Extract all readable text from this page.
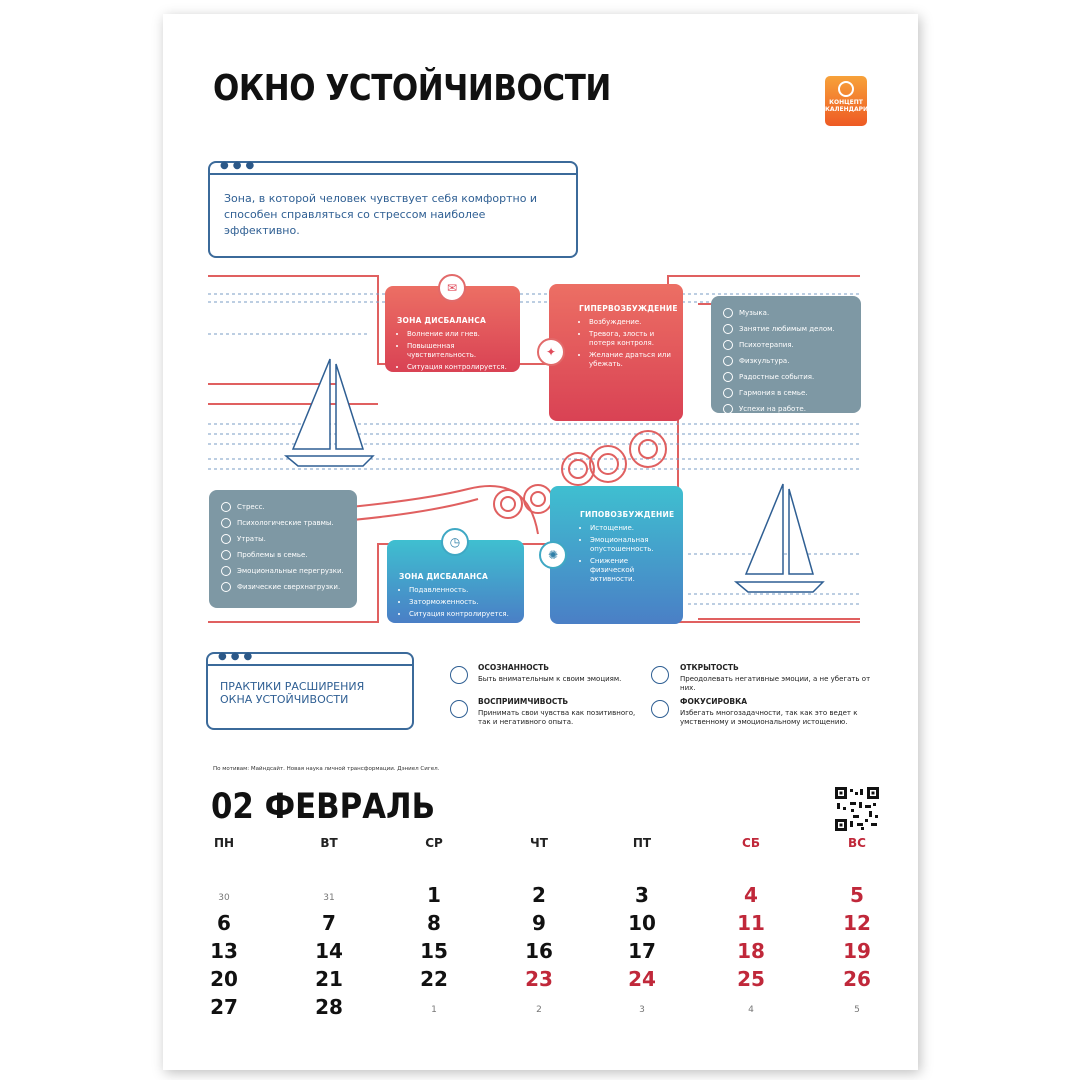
ОКНО УСТОЙЧИВОСТИ	КОНЦЕПТ
КАЛЕНДАРИ
●●●
Зона, в которой человек чувствует себя комфортно и способен справляться со стрессом наиболее эффективно.
ЗОНА ДИСБАЛАНСА
• Волнение или гнев.
• Повышенная чувствительность.
• Ситуация контролируется.
✉
ГИПЕРВОЗБУЖДЕНИЕ
• Возбуждение.
• Тревога, злость и потеря контроля.
• Желание драться или убежать.
✦
Музыка.
Занятие любимым делом.
Психотерапия.
Физкультура.
Радостные события.
Гармония в семье.
Успехи на работе.
Стресс.
Психологические травмы.
Утраты.
Проблемы в семье.
Эмоциональные перегрузки.
Физические сверхнагрузки.
ЗОНА ДИСБАЛАНСА
• Подавленность.
• Заторможенность.
• Ситуация контролируется.
◷
ГИПОВОЗБУЖДЕНИЕ
• Истощение.
• Эмоциональная опустошенность.
• Снижение физической активности.
✺
●●●
ПРАКТИКИ РАСШИРЕНИЯ ОКНА УСТОЙЧИВОСТИ
ОСОЗНАННОСТЬ
Быть внимательным к своим эмоциям.
ВОСПРИИМЧИВОСТЬ
Принимать свои чувства как позитивного, так и негативного опыта.
ОТКРЫТОСТЬ
Преодолевать негативные эмоции, а не убегать от них.
ФОКУСИРОВКА
Избегать многозадачности, так как это ведет к умственному и эмоциональному истощению.
По мотивам: Майндсайт. Новая наука личной трансформации. Дэниел Сигел.
02 ФЕВРАЛЬ
ПН	ВТ	СР	ЧТ	ПТ	СБ	ВС
30	31	1	2	3	4	5
6	7	8	9	10	11	12
13	14	15	16	17	18	19
20	21	22	23	24	25	26
27	28	1	2	3	4	5
